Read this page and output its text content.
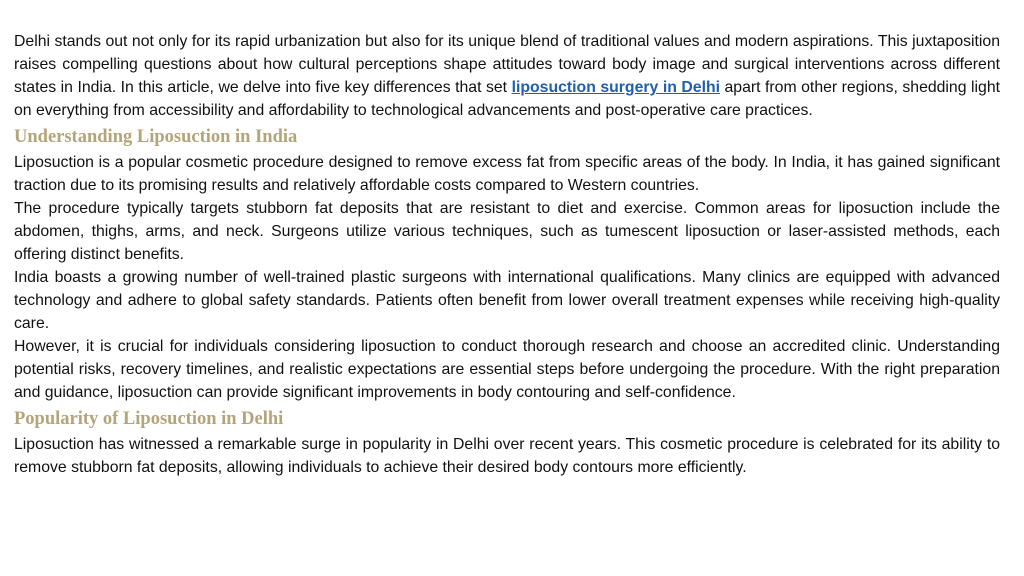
Delhi stands out not only for its rapid urbanization but also for its unique blend of traditional values and modern aspirations. This juxtaposition raises compelling questions about how cultural perceptions shape attitudes toward body image and surgical interventions across different states in India. In this article, we delve into five key differences that set liposuction surgery in Delhi apart from other regions, shedding light on everything from accessibility and affordability to technological advancements and post-operative care practices.

Understanding Liposuction in India

Liposuction is a popular cosmetic procedure designed to remove excess fat from specific areas of the body. In India, it has gained significant traction due to its promising results and relatively affordable costs compared to Western countries.

The procedure typically targets stubborn fat deposits that are resistant to diet and exercise. Common areas for liposuction include the abdomen, thighs, arms, and neck. Surgeons utilize various techniques, such as tumescent liposuction or laser-assisted methods, each offering distinct benefits.

India boasts a growing number of well-trained plastic surgeons with international qualifications. Many clinics are equipped with advanced technology and adhere to global safety standards. Patients often benefit from lower overall treatment expenses while receiving high-quality care.

However, it is crucial for individuals considering liposuction to conduct thorough research and choose an accredited clinic. Understanding potential risks, recovery timelines, and realistic expectations are essential steps before undergoing the procedure. With the right preparation and guidance, liposuction can provide significant improvements in body contouring and self-confidence.

Popularity of Liposuction in Delhi

Liposuction has witnessed a remarkable surge in popularity in Delhi over recent years. This cosmetic procedure is celebrated for its ability to remove stubborn fat deposits, allowing individuals to achieve their desired body contours more efficiently.
